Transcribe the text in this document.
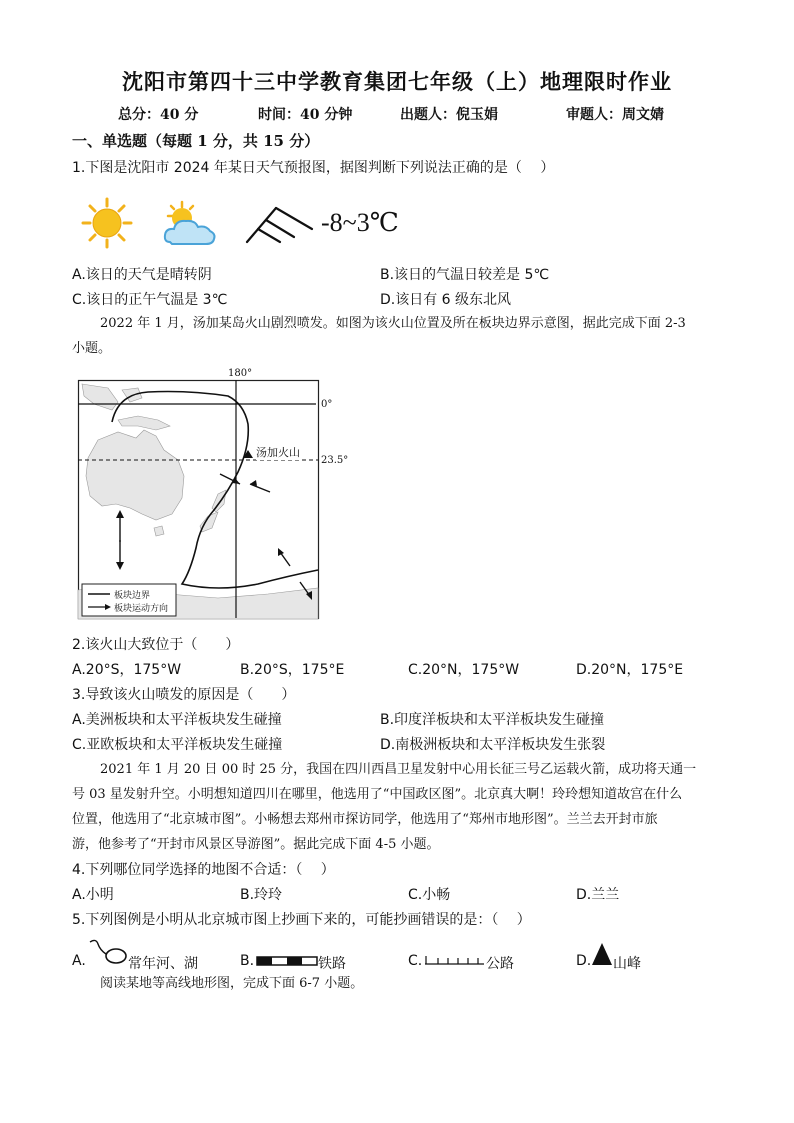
沈阳市第四十三中学教育集团七年级（上）地理限时作业
总分：40 分	时间：40 分钟	出题人：倪玉娟	审题人：周文婧
一、单选题（每题 1 分，共 15 分）
1.下图是沈阳市 2024 年某日天气预报图，据图判断下列说法正确的是（　 ）
-8~3℃
A.该日的天气是晴转阴	B.该日的气温日较差是 5℃
C.该日的正午气温是 3℃	D.该日有 6 级东北风
2022 年 1 月，汤加某岛火山剧烈喷发。如图为该火山位置及所在板块边界示意图，据此完成下面 2-3
小题。
180°
0°
23.5°
汤加火山
板块边界
板块运动方向
2.该火山大致位于（　　）
A.20°S，175°W	B.20°S，175°E	C.20°N，175°W	D.20°N，175°E
3.导致该火山喷发的原因是（　　）
A.美洲板块和太平洋板块发生碰撞	B.印度洋板块和太平洋板块发生碰撞
C.亚欧板块和太平洋板块发生碰撞	D.南极洲板块和太平洋板块发生张裂
2021 年 1 月 20 日 00 时 25 分，我国在四川西昌卫星发射中心用长征三号乙运载火箭，成功将天通一
号 03 星发射升空。小明想知道四川在哪里，他选用了“中国政区图”。北京真大啊！玲玲想知道故宫在什么
位置，他选用了“北京城市图”。小畅想去郑州市探访同学，他选用了“郑州市地形图”。兰兰去开封市旅
游，他参考了“开封市风景区导游图”。据此完成下面 4-5 小题。
4.下列哪位同学选择的地图不合适：（　 ）
A.小明	B.玲玲	C.小畅	D.兰兰
5.下列图例是小明从北京城市图上抄画下来的，可能抄画错误的是：（　 ）
A.	常年河、湖	B.	铁路	C.	公路	D. 山峰
阅读某地等高线地形图，完成下面 6-7 小题。
